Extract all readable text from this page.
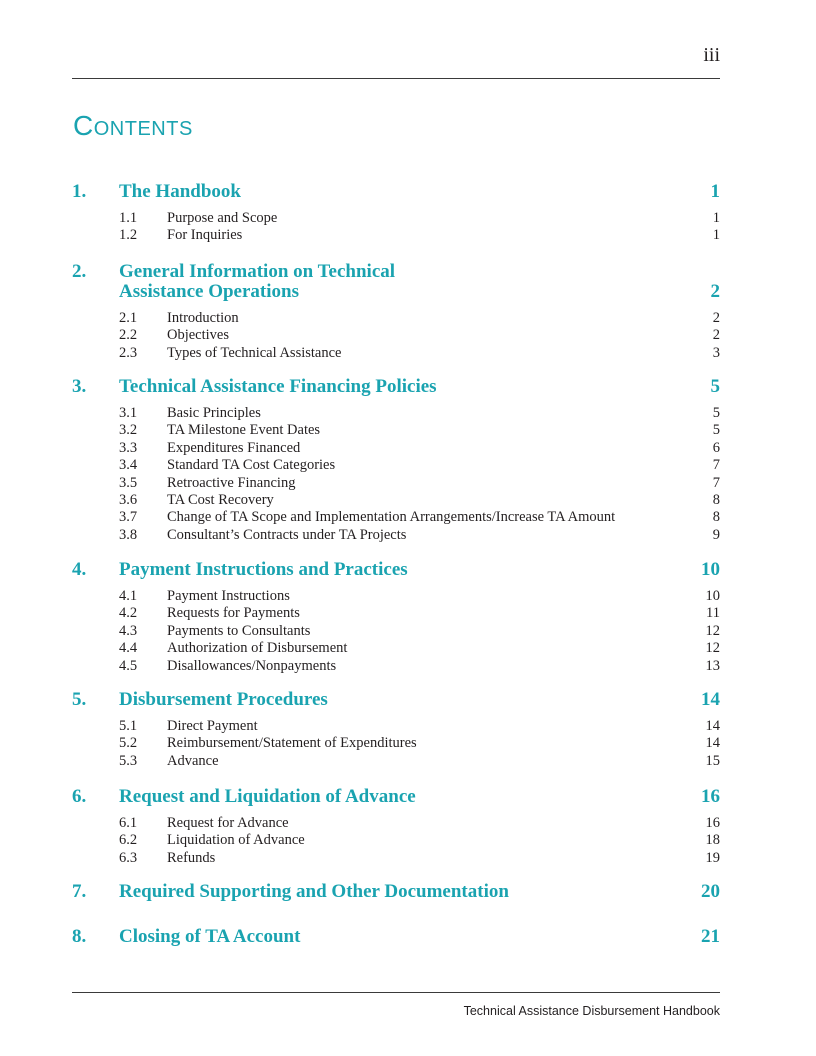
iii
Contents
1. The Handbook	1
1.1 Purpose and Scope	1
1.2 For Inquiries	1
2. General Information on Technical
Assistance Operations	2
2.1 Introduction	2
2.2 Objectives	2
2.3 Types of Technical Assistance	3
3. Technical Assistance Financing Policies	5
3.1 Basic Principles	5
3.2 TA Milestone Event Dates	5
3.3 Expenditures Financed	6
3.4 Standard TA Cost Categories	7
3.5 Retroactive Financing	7
3.6 TA Cost Recovery	8
3.7 Change of TA Scope and Implementation Arrangements/Increase TA Amount	8
3.8 Consultant’s Contracts under TA Projects	9
4. Payment Instructions and Practices	10
4.1 Payment Instructions	10
4.2 Requests for Payments	11
4.3 Payments to Consultants	12
4.4 Authorization of Disbursement	12
4.5 Disallowances/Nonpayments	13
5. Disbursement Procedures	14
5.1 Direct Payment	14
5.2 Reimbursement/Statement of Expenditures	14
5.3 Advance	15
6. Request and Liquidation of Advance	16
6.1 Request for Advance	16
6.2 Liquidation of Advance	18
6.3 Refunds	19
7. Required Supporting and Other Documentation	20
8. Closing of TA Account	21
Technical Assistance Disbursement Handbook
